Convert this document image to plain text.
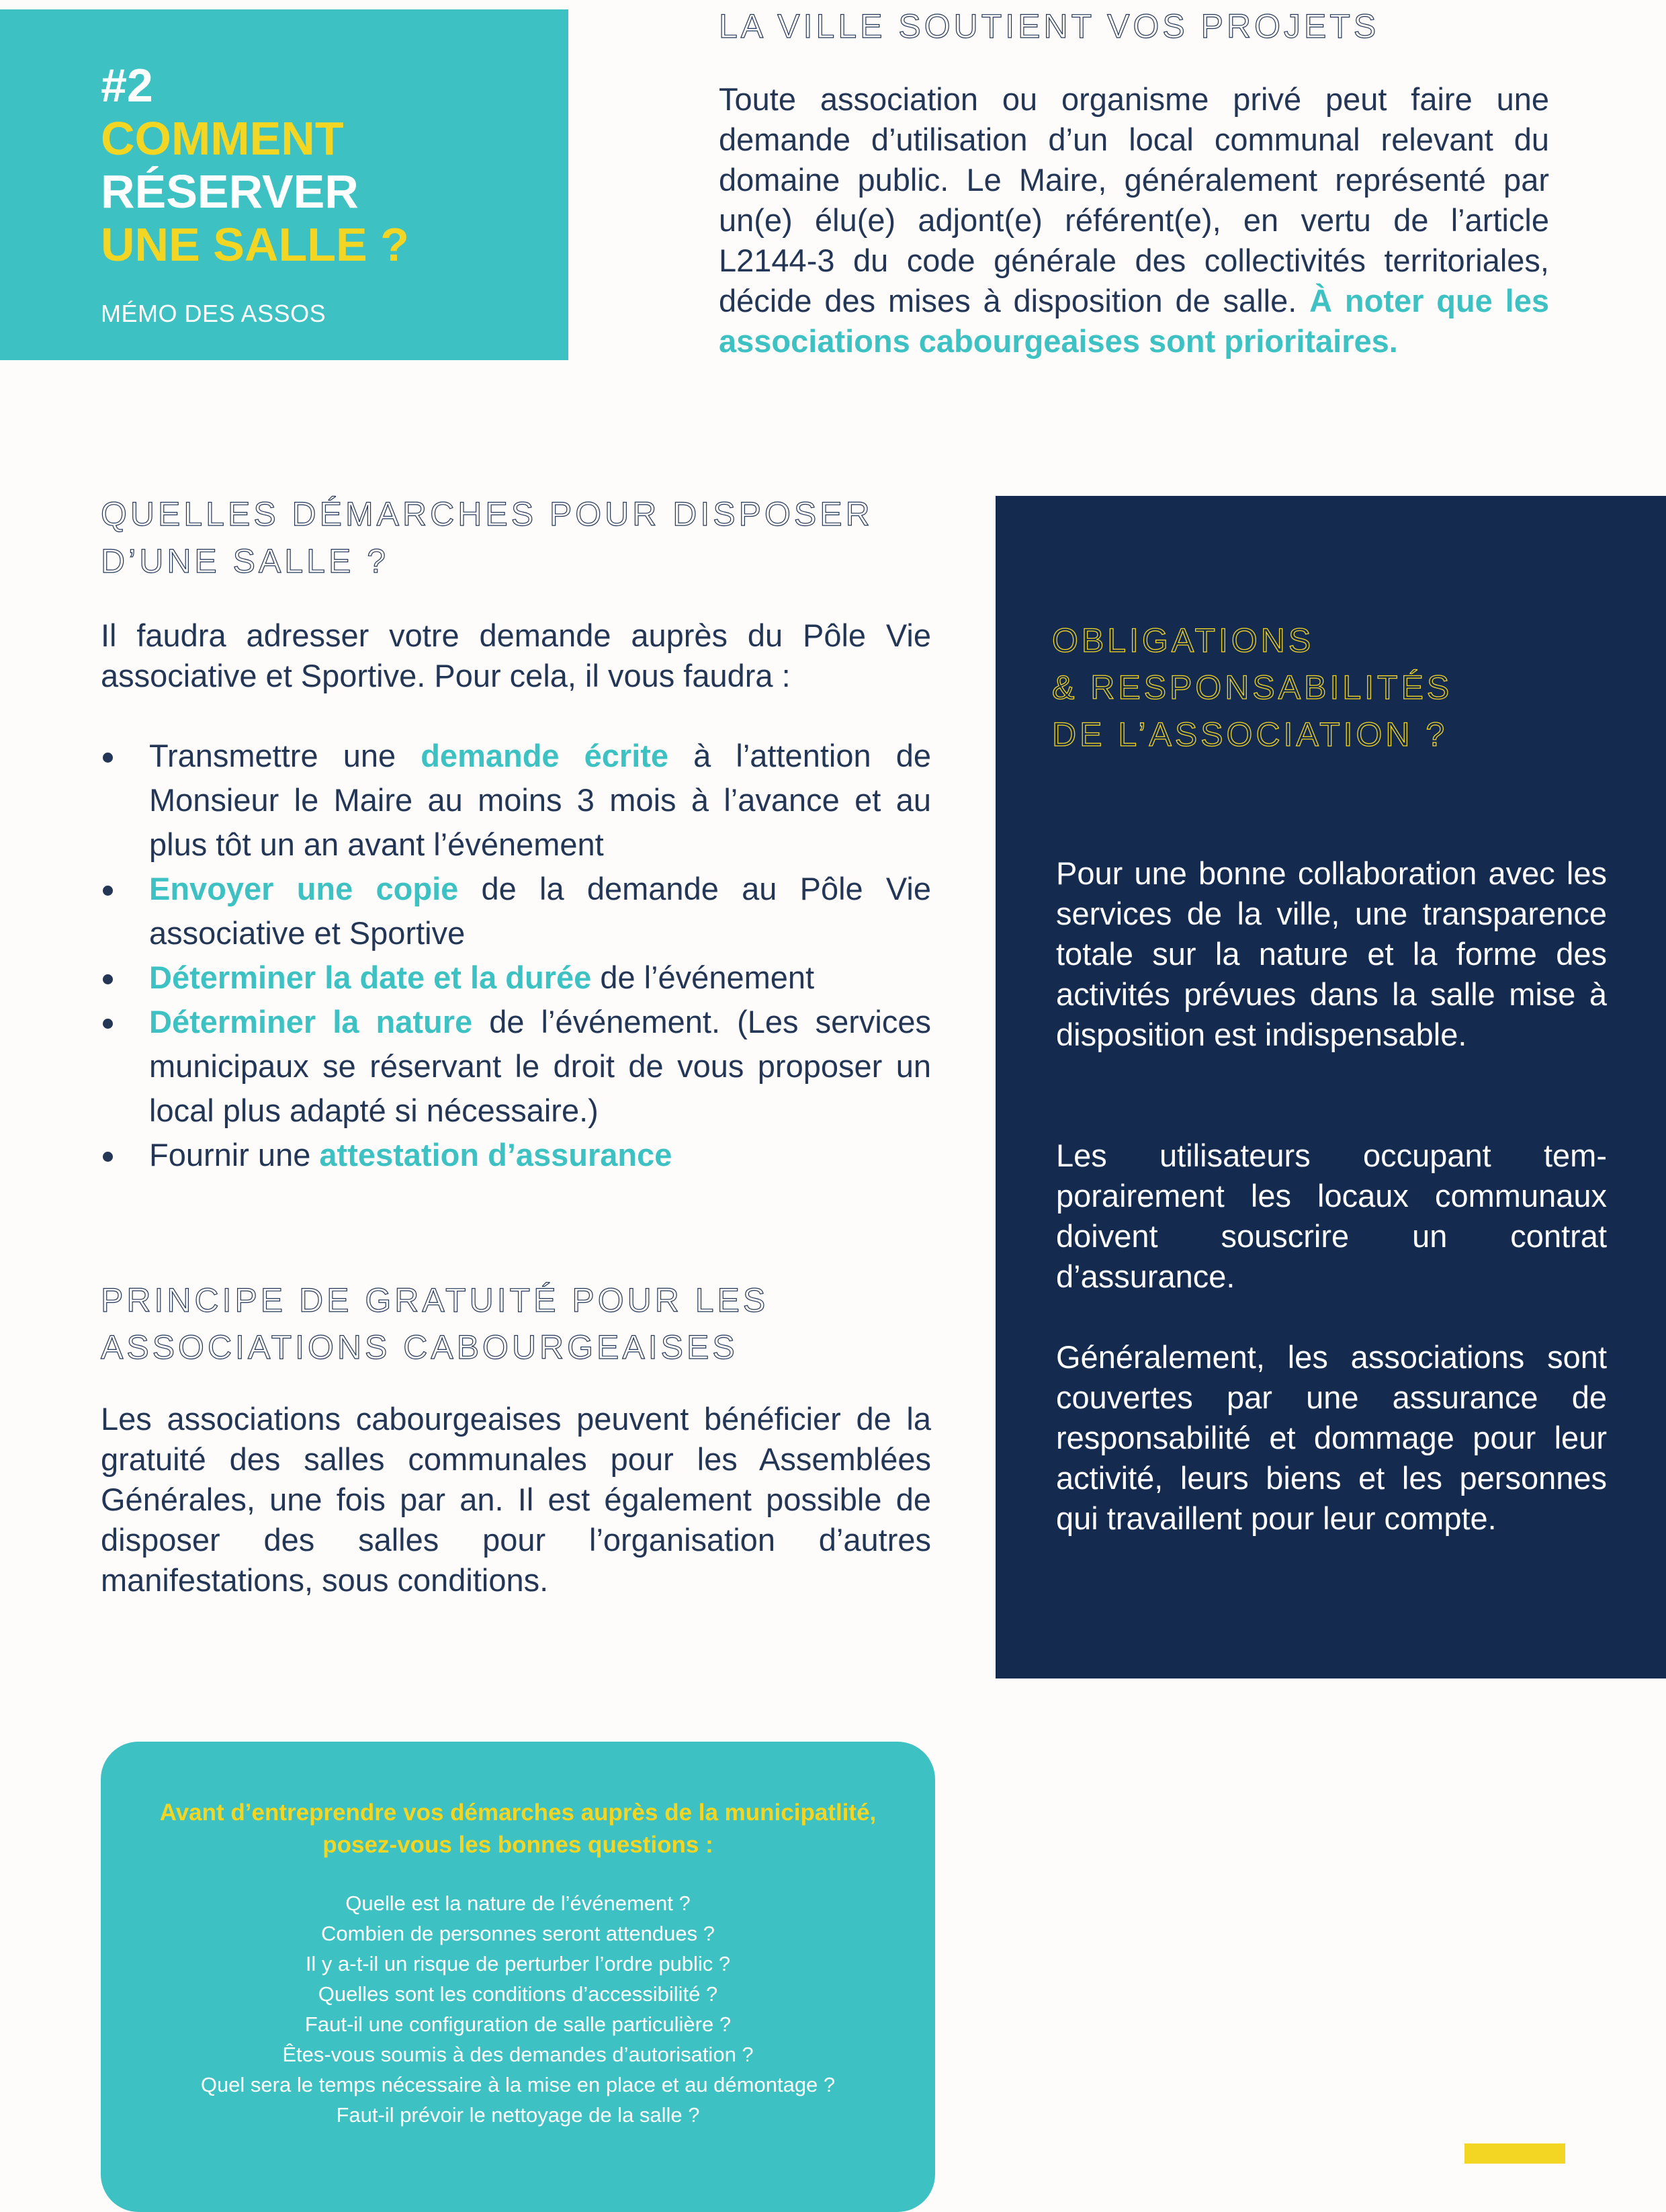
#2
COMMENT
RÉSERVER
UNE SALLE ?
MÉMO DES ASSOS
LA VILLE SOUTIENT VOS PROJETS

Toute association ou organisme privé peut faire une demande d’utilisation d’un local communal relevant du domaine public. Le Maire, généralement représenté par un(e) élu(e) adjont(e) référent(e), en vertu de l’article L2144-3 du code générale des collectivités territoriales, décide des mises à disposition de salle. À noter que les associations cabourgeaises sont prioritaires.

QUELLES DÉMARCHES POUR DISPOSER
D’UNE SALLE ?

Il faudra adresser votre demande auprès du Pôle Vie associative et Sportive. Pour cela, il vous faudra :

Transmettre une demande écrite à l’attention de Monsieur le Maire au moins 3 mois à l’avance et au plus tôt un an avant l’événement
Envoyer une copie de la demande au Pôle Vie associative et Sportive
Déterminer la date et la durée de l’événement
Déterminer la nature de l’événement. (Les services municipaux se réservant le droit de vous proposer un local plus adapté si nécessaire.)
Fournir une attestation d’assurance
PRINCIPE DE GRATUITÉ POUR LES
ASSOCIATIONS CABOURGEAISES

Les associations cabourgeaises peuvent bénéficier de la gratuité des salles communales pour les Assemblées Générales, une fois par an. Il est également possible de disposer des salles pour l’organisation d’autres manifestations, sous conditions.

OBLIGATIONS
& RESPONSABILITÉS
DE L’ASSOCIATION ?

Pour une bonne collaboration avec les services de la ville, une transparence totale sur la nature et la forme des activités prévues dans la salle mise à disposition est indispensable.

Les utilisateurs occupant temporairement les locaux communaux doivent souscrire un contrat d’assurance.

Généralement, les associations sont couvertes par une assurance de responsabilité et dommage pour leur activité, leurs biens et les personnes qui travaillent pour leur compte.

Avant d’entreprendre vos démarches auprès de la municipatlité,
posez-vous les bonnes questions :

Quelle est la nature de l’événement ?
Combien de personnes seront attendues ?
Il y a-t-il un risque de perturber l’ordre public ?
Quelles sont les conditions d’accessibilité ?
Faut-il une configuration de salle particulière ?
Êtes-vous soumis à des demandes d’autorisation ?
Quel sera le temps nécessaire à la mise en place et au démontage ?
Faut-il prévoir le nettoyage de la salle ?
